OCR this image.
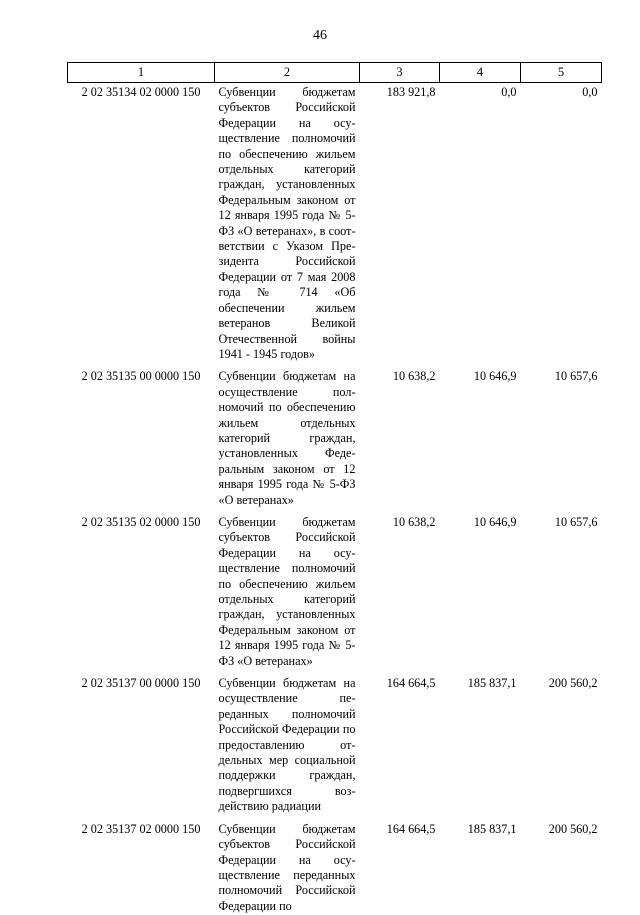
46
1	2	3	4	5
2 02 35134 02 0000 150	Субвенции бюджетам субъектов Российской Федерации на осуществление полномочий по обеспечению жильем отдельных категорий граждан, установленных Федеральным законом от 12 января 1995 года № 5-ФЗ «О ветеранах», в соответствии с Указом Президента Российской Федерации от 7 мая 2008 года № 714 «Об обеспечении жильем ветеранов Великой Отечественной войны 1941 - 1945 годов»	183 921,8	0,0	0,0
2 02 35135 00 0000 150	Субвенции бюджетам на осуществление полномочий по обеспечению жильем отдельных категорий граждан, установленных Федеральным законом от 12 января 1995 года № 5-ФЗ «О ветеранах»	10 638,2	10 646,9	10 657,6
2 02 35135 02 0000 150	Субвенции бюджетам субъектов Российской Федерации на осуществление полномочий по обеспечению жильем отдельных категорий граждан, установленных Федеральным законом от 12 января 1995 года № 5-ФЗ «О ветеранах»	10 638,2	10 646,9	10 657,6
2 02 35137 00 0000 150	Субвенции бюджетам на осуществление переданных полномочий Российской Федерации по предоставлению отдельных мер социальной поддержки граждан, подвергшихся воздействию радиации	164 664,5	185 837,1	200 560,2
2 02 35137 02 0000 150	Субвенции бюджетам субъектов Российской Федерации на осуществление переданных полномочий Российской Федерации по	164 664,5	185 837,1	200 560,2
